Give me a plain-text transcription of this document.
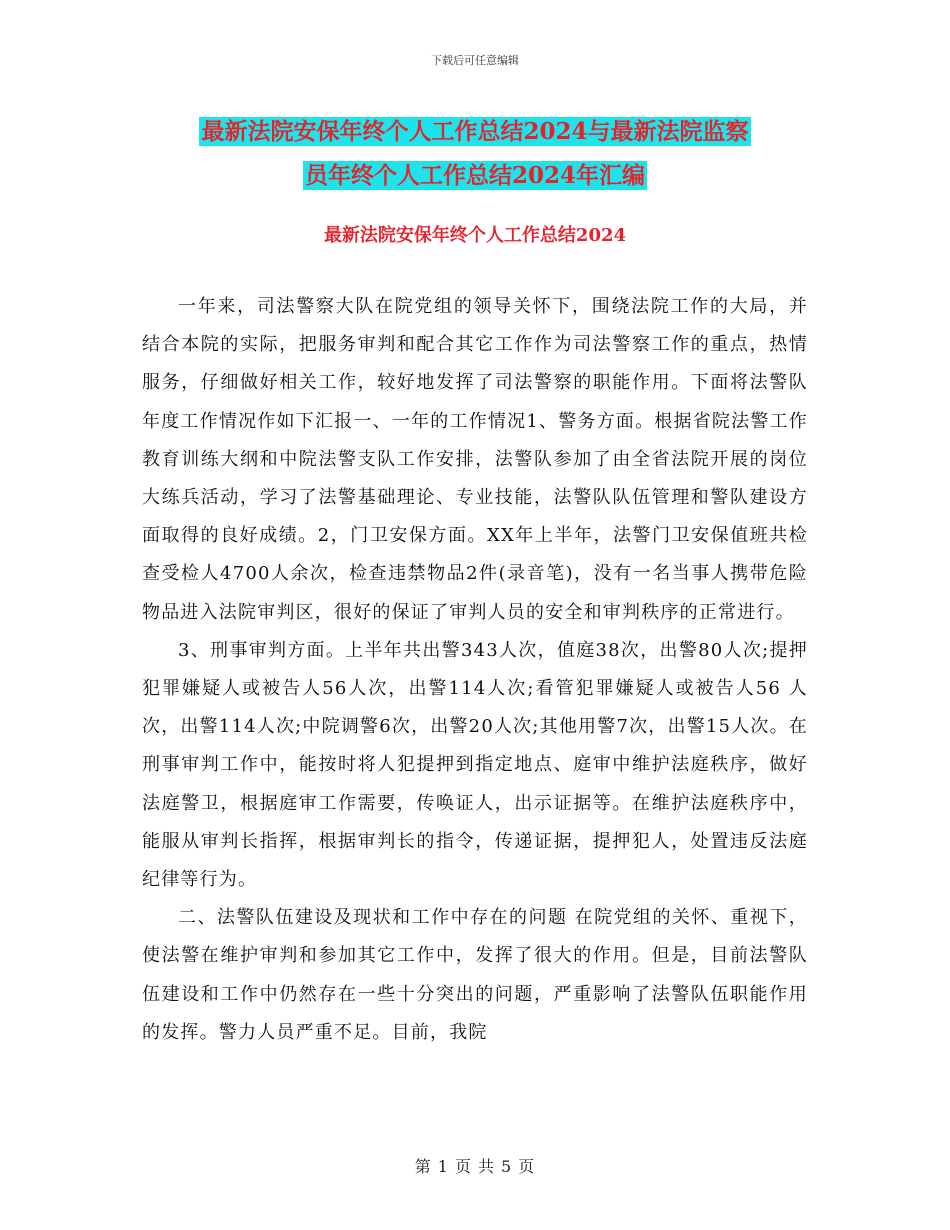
下载后可任意编辑
最新法院安保年终个人工作总结2024与最新法院监察
员年终个人工作总结2024年汇编
最新法院安保年终个人工作总结2024

一年来，司法警察大队在院党组的领导关怀下，围绕法院工作的大局，并结合本院的实际，把服务审判和配合其它工作作为司法警察工作的重点，热情服务，仔细做好相关工作，较好地发挥了司法警察的职能作用。下面将法警队年度工作情况作如下汇报一、一年的工作情况1、警务方面。根据省院法警工作教育训练大纲和中院法警支队工作安排，法警队参加了由全省法院开展的岗位大练兵活动，学习了法警基础理论、专业技能，法警队队伍管理和警队建设方面取得的良好成绩。2，门卫安保方面。XX年上半年，法警门卫安保值班共检查受检人4700人余次，检查违禁物品2件(录音笔)，没有一名当事人携带危险物品进入法院审判区，很好的保证了审判人员的安全和审判秩序的正常进行。

3、刑事审判方面。上半年共出警343人次，值庭38次，出警80人次;提押犯罪嫌疑人或被告人56人次，出警114人次;看管犯罪嫌疑人或被告人56 人次，出警114人次;中院调警6次，出警20人次;其他用警7次，出警15人次。在刑事审判工作中，能按时将人犯提押到指定地点、庭审中维护法庭秩序，做好法庭警卫，根据庭审工作需要，传唤证人，出示证据等。在维护法庭秩序中，能服从审判长指挥，根据审判长的指令，传递证据，提押犯人，处置违反法庭纪律等行为。

二、法警队伍建设及现状和工作中存在的问题 在院党组的关怀、重视下，使法警在维护审判和参加其它工作中，发挥了很大的作用。但是，目前法警队伍建设和工作中仍然存在一些十分突出的问题，严重影响了法警队伍职能作用的发挥。警力人员严重不足。目前，我院

第 1 页 共 5 页
